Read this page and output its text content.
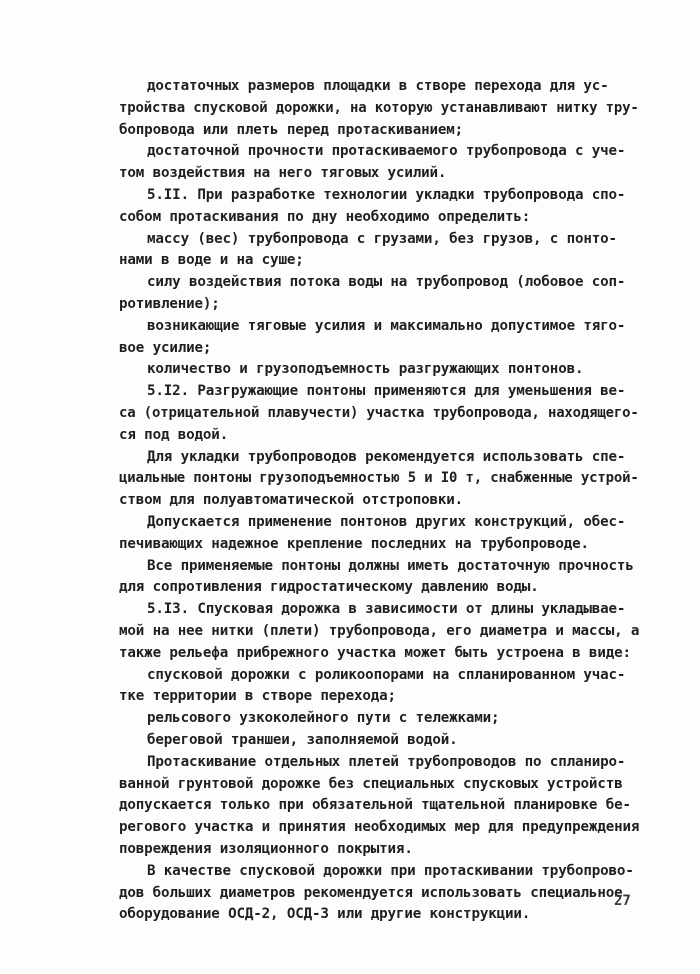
достаточных размеров площадки в створе перехода для ус-
тройства спусковой дорожки, на которую устанавливают нитку тру-
бопровода или плеть перед протаскиванием;
достаточной прочности протаскиваемого трубопровода с уче-
том воздействия на него тяговых усилий.
5.II. При разработке технологии укладки трубопровода спо-
собом протаскивания по дну необходимо определить:
массу (вес) трубопровода с грузами, без грузов, с понто-
нами в воде и на суше;
силу воздействия потока воды на трубопровод (лобовое соп-
ротивление);
возникающие тяговые усилия и максимально допустимое тяго-
вое усилие;
количество и грузоподъемность разгружающих понтонов.
5.I2. Разгружающие понтоны применяются для уменьшения ве-
са (отрицательной плавучести) участка трубопровода, находящего-
ся под водой.
Для укладки трубопроводов рекомендуется использовать спе-
циальные понтоны грузоподъемностью 5 и I0 т, снабженные устрой-
ством для полуавтоматической отстроповки.
Допускается применение понтонов других конструкций, обес-
печивающих надежное крепление последних на трубопроводе.
Все применяемые понтоны должны иметь достаточную прочность
для сопротивления гидростатическому давлению воды.
5.I3. Спусковая дорожка в зависимости от длины укладывае-
мой на нее нитки (плети) трубопровода, его диаметра и массы, а
также рельефа прибрежного участка может быть устроена в виде:
спусковой дорожки с роликоопорами на спланированном учас-
тке территории в створе перехода;
рельсового узкоколейного пути с тележками;
береговой траншеи, заполняемой водой.
Протаскивание отдельных плетей трубопроводов по спланиро-
ванной грунтовой дорожке без специальных спусковых устройств
допускается только при обязательной тщательной планировке бе-
регового участка и принятия необходимых мер для предупреждения
повреждения изоляционного покрытия.
В качестве спусковой дорожки при протаскивании трубопрово-
дов больших диаметров рекомендуется использовать специальное
оборудование ОСД-2, ОСД-3 или другие конструкции.
27
